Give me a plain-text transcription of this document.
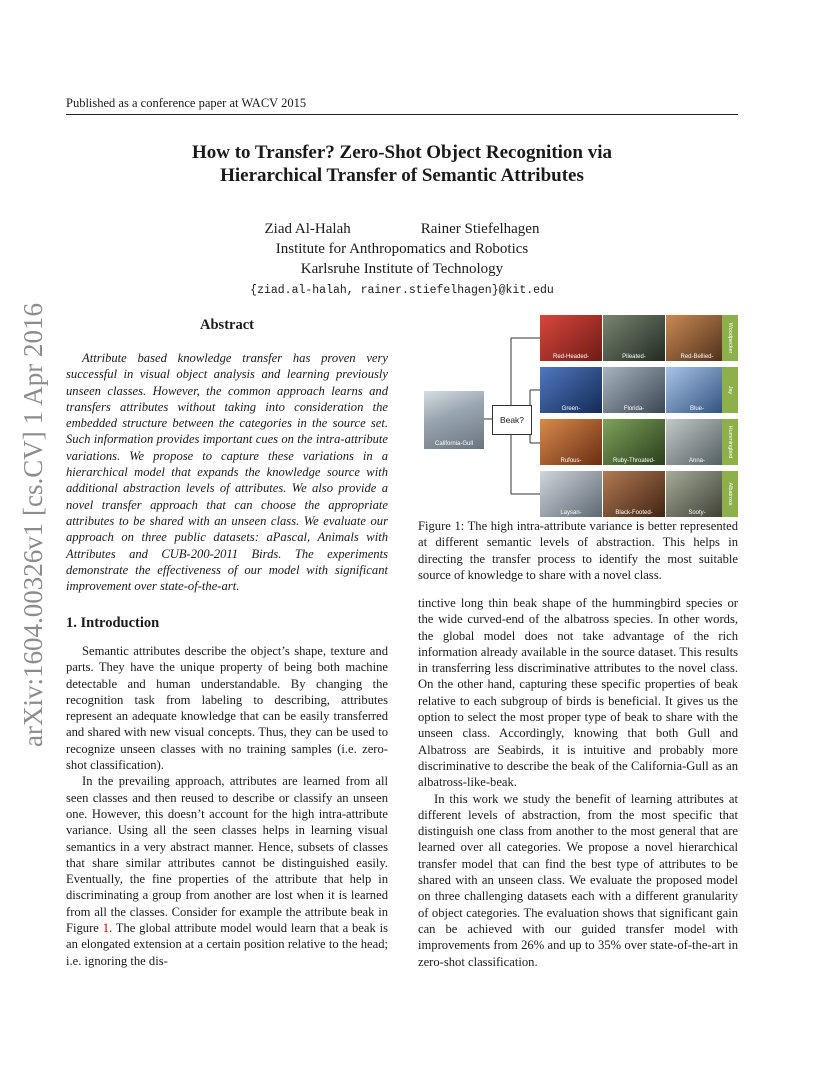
Published as a conference paper at WACV 2015
How to Transfer? Zero-Shot Object Recognition via
Hierarchical Transfer of Semantic Attributes
Ziad Al-Halah	Rainer Stiefelhagen
Institute for Anthropomatics and Robotics
Karlsruhe Institute of Technology
{ziad.al-halah, rainer.stiefelhagen}@kit.edu
arXiv:1604.00326v1 [cs.CV] 1 Apr 2016	Abstract

Attribute based knowledge transfer has proven very successful in visual object analysis and learning previously unseen classes. However, the common approach learns and transfers attributes without taking into consideration the embedded structure between the categories in the source set. Such information provides important cues on the intra-attribute variations. We propose to capture these variations in a hierarchical model that expands the knowledge source with additional abstraction levels of attributes. We also provide a novel transfer approach that can choose the appropriate attributes to be shared with an unseen class. We evaluate our approach on three public datasets: aPascal, Animals with Attributes and CUB-200-2011 Birds. The experiments demonstrate the effectiveness of our model with significant improvement over state-of-the-art.

1. Introduction

Semantic attributes describe the object’s shape, texture and parts. They have the unique property of being both machine detectable and human understandable. By changing the recognition task from labeling to describing, attributes represent an adequate knowledge that can be easily transferred and shared with new visual concepts. Thus, they can be used to recognize unseen classes with no training samples (i.e. zero-shot classification).

In the prevailing approach, attributes are learned from all seen classes and then reused to describe or classify an unseen one. However, this doesn’t account for the high intra-attribute variance. Using all the seen classes helps in learning visual semantics in a very abstract manner. Hence, subsets of classes that share similar attributes cannot be distinguished easily. Eventually, the fine properties of the attribute that help in discriminating a group from another are lost when it is learned from all the classes. Consider for example the attribute beak in Figure 1. The global attribute model would learn that a beak is an elongated extension at a certain position relative to the head; i.e. ignoring the dis-

California-Gull
Beak?
Red-Headed-	Pileated-	Red-Bellied-
Woodpecker
Green-	Florida-	Blue-
Jay
Rufous-	Ruby-Throated-	Anna-
Hummingbird
Laysan-	Black-Footed-	Sooty-
Albatross
Figure 1: The high intra-attribute variance is better represented at different semantic levels of abstraction. This helps in directing the transfer process to identify the most suitable source of knowledge to share with a novel class.

tinctive long thin beak shape of the hummingbird species or the wide curved-end of the albatross species. In other words, the global model does not take advantage of the rich information already available in the source dataset. This results in transferring less discriminative attributes to the novel class. On the other hand, capturing these specific properties of beak relative to each subgroup of birds is beneficial. It gives us the option to select the most proper type of beak to share with the unseen class. Accordingly, knowing that both Gull and Albatross are Seabirds, it is intuitive and probably more discriminative to describe the beak of the California-Gull as an albatross-like-beak.

In this work we study the benefit of learning attributes at different levels of abstraction, from the most specific that distinguish one class from another to the most general that are learned over all categories. We propose a novel hierarchical transfer model that can find the best type of attributes to be shared with an unseen class. We evaluate the proposed model on three challenging datasets each with a different granularity of object categories. The evaluation shows that significant gain can be achieved with our guided transfer model with improvements from 26% and up to 35% over state-of-the-art in zero-shot classification.
